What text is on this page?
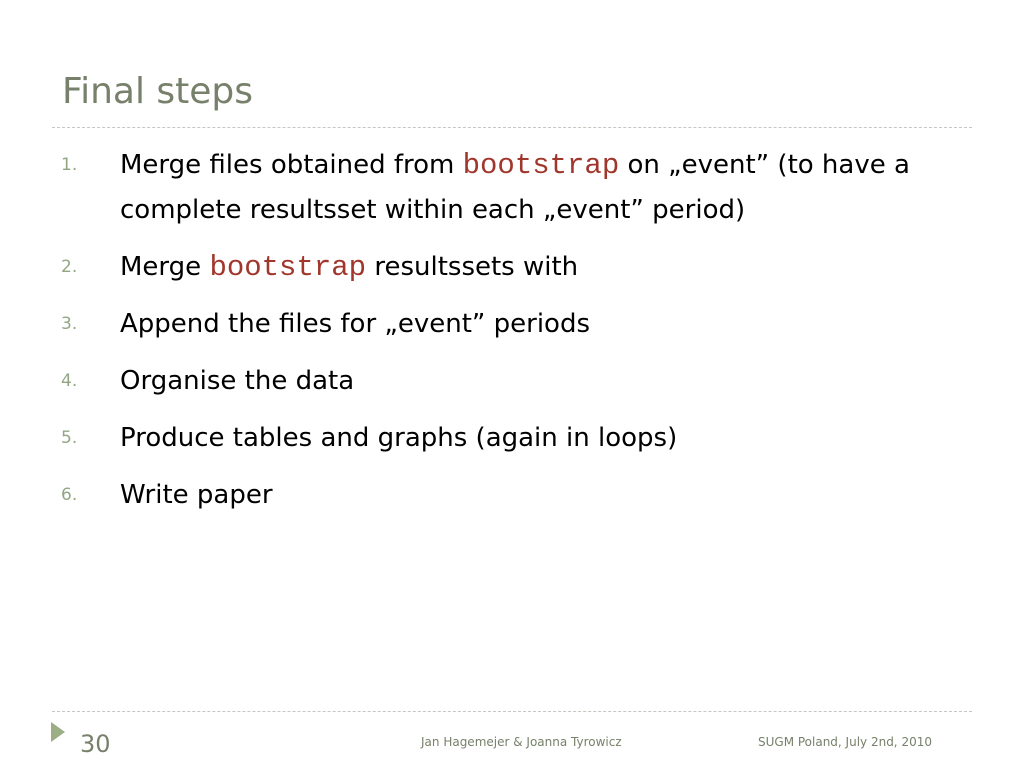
Final steps
1. Merge files obtained from bootstrap on „event” (to have a complete resultsset within each „event” period)
2. Merge bootstrap resultssets with
3. Append the files for „event” periods
4. Organise the data
5. Produce tables and graphs (again in loops)
6. Write paper
30	Jan Hagemejer & Joanna Tyrowicz	SUGM Poland, July 2nd, 2010
